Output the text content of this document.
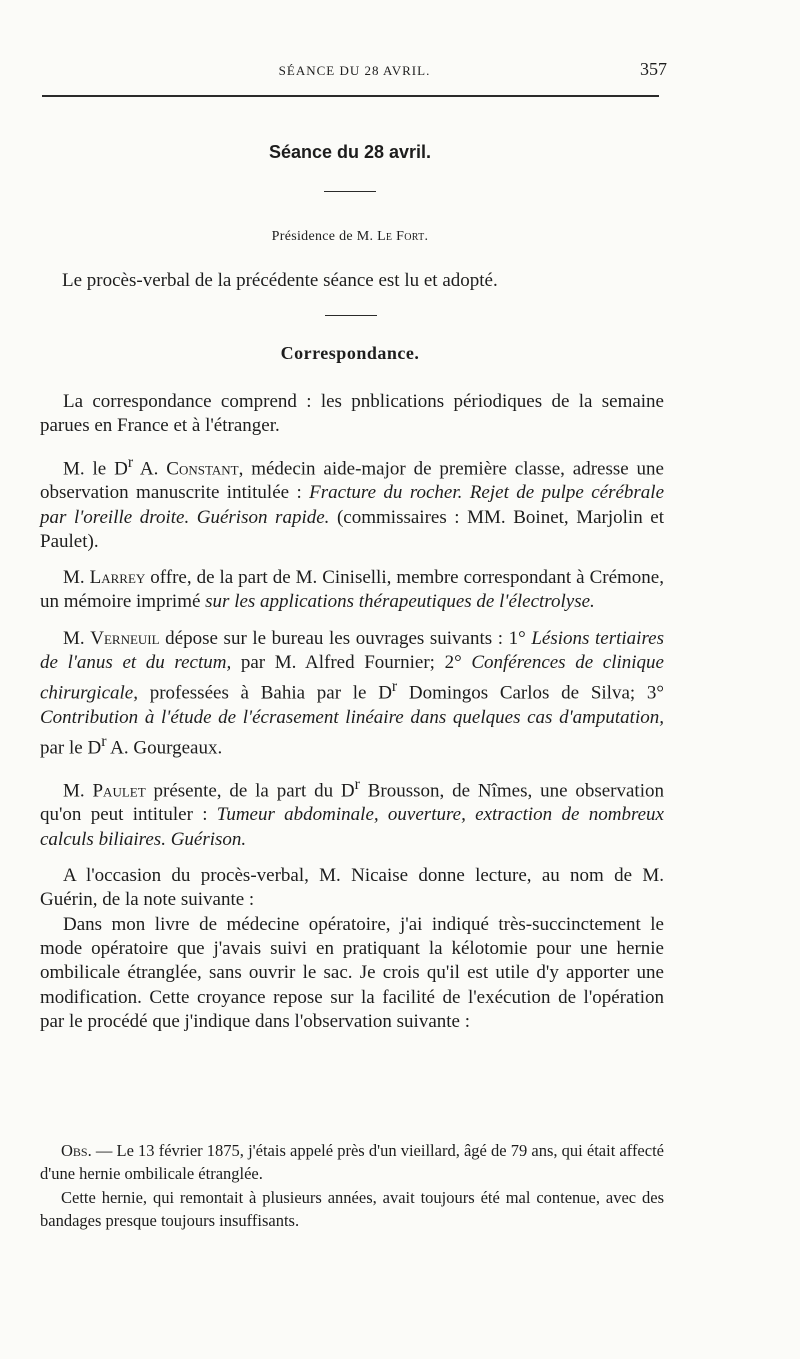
SÉANCE DU 28 AVRIL.	357
Séance du 28 avril.
Présidence de M. Le Fort.
Le procès-verbal de la précédente séance est lu et adopté.
Correspondance.

La correspondance comprend : les pnblications périodiques de la semaine parues en France et à l'étranger.

M. le $D^r$ A. Constant, médecin aide-major de première classe, adresse une observation manuscrite intitulée : Fracture du rocher. Rejet de pulpe cérébrale par l'oreille droite. Guérison rapide. (commissaires : MM. Boinet, Marjolin et Paulet).

M. Larrey offre, de la part de M. Ciniselli, membre correspondant à Crémone, un mémoire imprimé sur les applications thérapeutiques de l'électrolyse.

M. Verneuil dépose sur le bureau les ouvrages suivants : 1° Lésions tertiaires de l'anus et du rectum, par M. Alfred Fournier; 2° Conférences de clinique chirurgicale, professées à Bahia par le $D^r$ Domingos Carlos de Silva; 3° Contribution à l'étude de l'écrasement linéaire dans quelques cas d'amputation, par le $D^r$ A. Gourgeaux.

M. Paulet présente, de la part du $D^r$ Brousson, de Nîmes, une observation qu'on peut intituler : Tumeur abdominale, ouverture, extraction de nombreux calculs biliaires. Guérison.

A l'occasion du procès-verbal, M. Nicaise donne lecture, au nom de M. Guérin, de la note suivante :

Dans mon livre de médecine opératoire, j'ai indiqué très-succinctement le mode opératoire que j'avais suivi en pratiquant la kélotomie pour une hernie ombilicale étranglée, sans ouvrir le sac. Je crois qu'il est utile d'y apporter une modification. Cette croyance repose sur la facilité de l'exécution de l'opération par le procédé que j'indique dans l'observation suivante :

Obs. — Le 13 février 1875, j'étais appelé près d'un vieillard, âgé de 79 ans, qui était affecté d'une hernie ombilicale étranglée.

Cette hernie, qui remontait à plusieurs années, avait toujours été mal contenue, avec des bandages presque toujours insuffisants.
